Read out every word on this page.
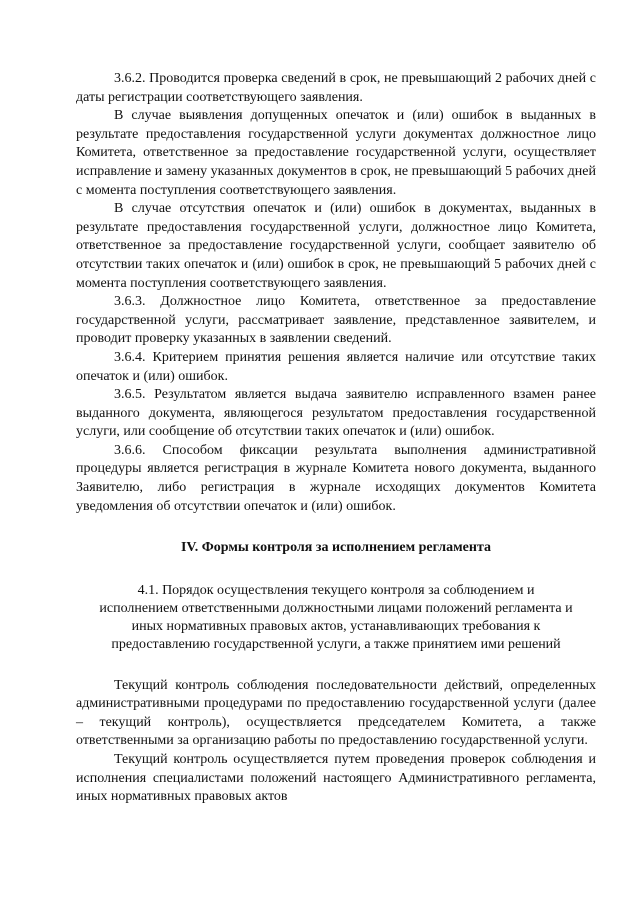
3.6.2. Проводится проверка сведений в срок, не превышающий 2 рабочих дней с даты регистрации соответствующего заявления.

В случае выявления допущенных опечаток и (или) ошибок в выданных в результате предоставления государственной услуги документах должностное лицо Комитета, ответственное за предоставление государственной услуги, осуществляет исправление и замену указанных документов в срок, не превышающий 5 рабочих дней с момента поступления соответствующего заявления.

В случае отсутствия опечаток и (или) ошибок в документах, выданных в результате предоставления государственной услуги, должностное лицо Комитета, ответственное за предоставление государственной услуги, сообщает заявителю об отсутствии таких опечаток и (или) ошибок в срок, не превышающий 5 рабочих дней с момента поступления соответствующего заявления.

3.6.3. Должностное лицо Комитета, ответственное за предоставление государственной услуги, рассматривает заявление, представленное заявителем, и проводит проверку указанных в заявлении сведений.

3.6.4. Критерием принятия решения является наличие или отсутствие таких опечаток и (или) ошибок.

3.6.5. Результатом является выдача заявителю исправленного взамен ранее выданного документа, являющегося результатом предоставления государственной услуги, или сообщение об отсутствии таких опечаток и (или) ошибок.

3.6.6. Способом фиксации результата выполнения административной процедуры является регистрация в журнале Комитета нового документа, выданного Заявителю, либо регистрация в журнале исходящих документов Комитета уведомления об отсутствии опечаток и (или) ошибок.

IV. Формы контроля за исполнением регламента

4.1. Порядок осуществления текущего контроля за соблюдением и
исполнением ответственными должностными лицами положений регламента и
иных нормативных правовых актов, устанавливающих требования к
предоставлению государственной услуги, а также принятием ими решений

Текущий контроль соблюдения последовательности действий, определенных административными процедурами по предоставлению государственной услуги (далее – текущий контроль), осуществляется председателем Комитета, а также ответственными за организацию работы по предоставлению государственной услуги.

Текущий контроль осуществляется путем проведения проверок соблюдения и исполнения специалистами положений настоящего Административного регламента, иных нормативных правовых актов
